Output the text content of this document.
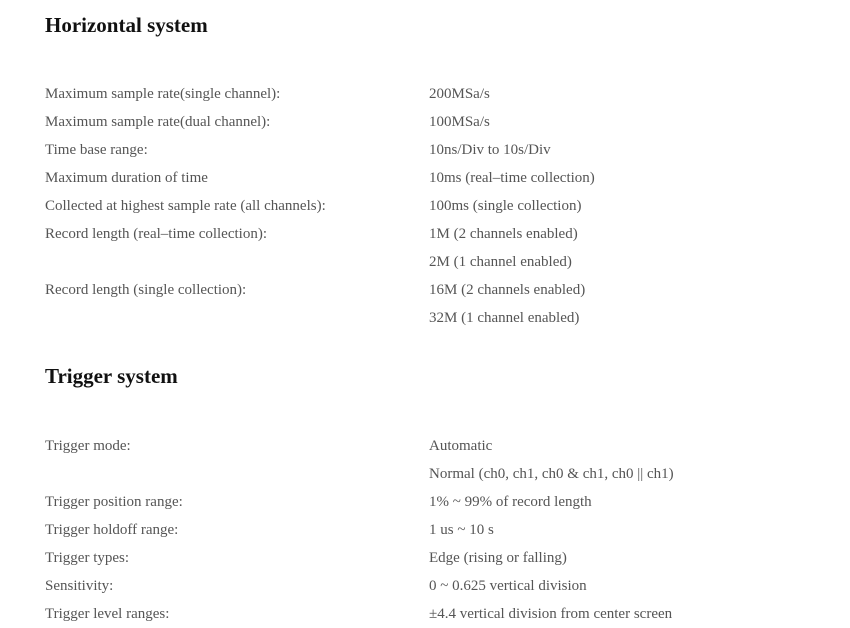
Horizontal system
Maximum sample rate(single channel):	200MSa/s
Maximum sample rate(dual channel):	100MSa/s
Time base range:	10ns/Div to 10s/Div
Maximum duration of time	10ms (real–time collection)
Collected at highest sample rate (all channels):	100ms (single collection)
Record length (real–time collection):	1M (2 channels enabled)
2M (1 channel enabled)
Record length (single collection):	16M (2 channels enabled)
32M (1 channel enabled)
Trigger system
Trigger mode:	Automatic
Normal (ch0, ch1, ch0 & ch1, ch0 || ch1)
Trigger position range:	1% ~ 99% of record length
Trigger holdoff range:	1 us ~ 10 s
Trigger types:	Edge (rising or falling)
Sensitivity:	0 ~ 0.625 vertical division
Trigger level ranges:	±4.4 vertical division from center screen
